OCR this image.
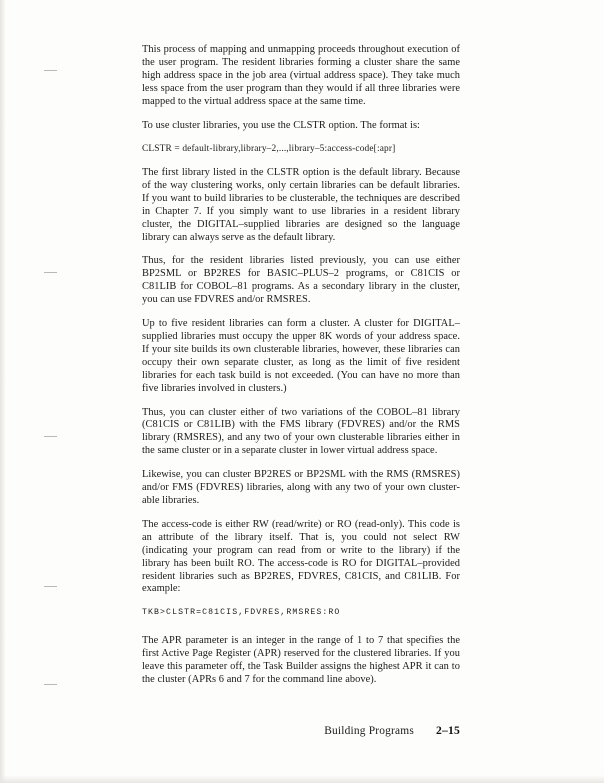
This process of mapping and unmapping proceeds throughout execution of the user program. The resident libraries forming a cluster share the same high address space in the job area (virtual address space). They take much less space from the user program than they would if all three libraries were mapped to the virtual address space at the same time.

To use cluster libraries, you use the CLSTR option. The format is:

CLSTR = default-library,library–2,...,library–5:access-code[:apr]

The first library listed in the CLSTR option is the default library. Because of the way clustering works, only certain libraries can be default libraries. If you want to build libraries to be clusterable, the techniques are described in Chapter 7. If you simply want to use libraries in a resident library cluster, the DIGITAL–supplied libraries are designed so the language library can always serve as the default library.

Thus, for the resident libraries listed previously, you can use either BP2SML or BP2RES for BASIC–PLUS–2 programs, or C81CIS or C81LIB for COBOL–81 programs. As a secondary library in the cluster, you can use FDVRES and/or RMSRES.

Up to five resident libraries can form a cluster. A cluster for DIGITAL– supplied libraries must occupy the upper 8K words of your address space. If your site builds its own clusterable libraries, however, these libraries can occupy their own separate cluster, as long as the limit of five resident libraries for each task build is not exceeded. (You can have no more than five libraries involved in clusters.)

Thus, you can cluster either of two variations of the COBOL–81 library (C81CIS or C81LIB) with the FMS library (FDVRES) and/or the RMS library (RMSRES), and any two of your own clusterable libraries either in the same cluster or in a separate cluster in lower virtual address space.

Likewise, you can cluster BP2RES or BP2SML with the RMS (RMSRES) and/or FMS (FDVRES) libraries, along with any two of your own cluster-able libraries.

The access-code is either RW (read/write) or RO (read-only). This code is an attribute of the library itself. That is, you could not select RW (indicating your program can read from or write to the library) if the library has been built RO. The access-code is RO for DIGITAL–provided resident libraries such as BP2RES, FDVRES, C81CIS, and C81LIB. For example:

TKB>CLSTR=C81CIS,FDVRES,RMSRES:RO

The APR parameter is an integer in the range of 1 to 7 that specifies the first Active Page Register (APR) reserved for the clustered libraries. If you leave this parameter off, the Task Builder assigns the highest APR it can to the cluster (APRs 6 and 7 for the command line above).

Building Programs 2–15
